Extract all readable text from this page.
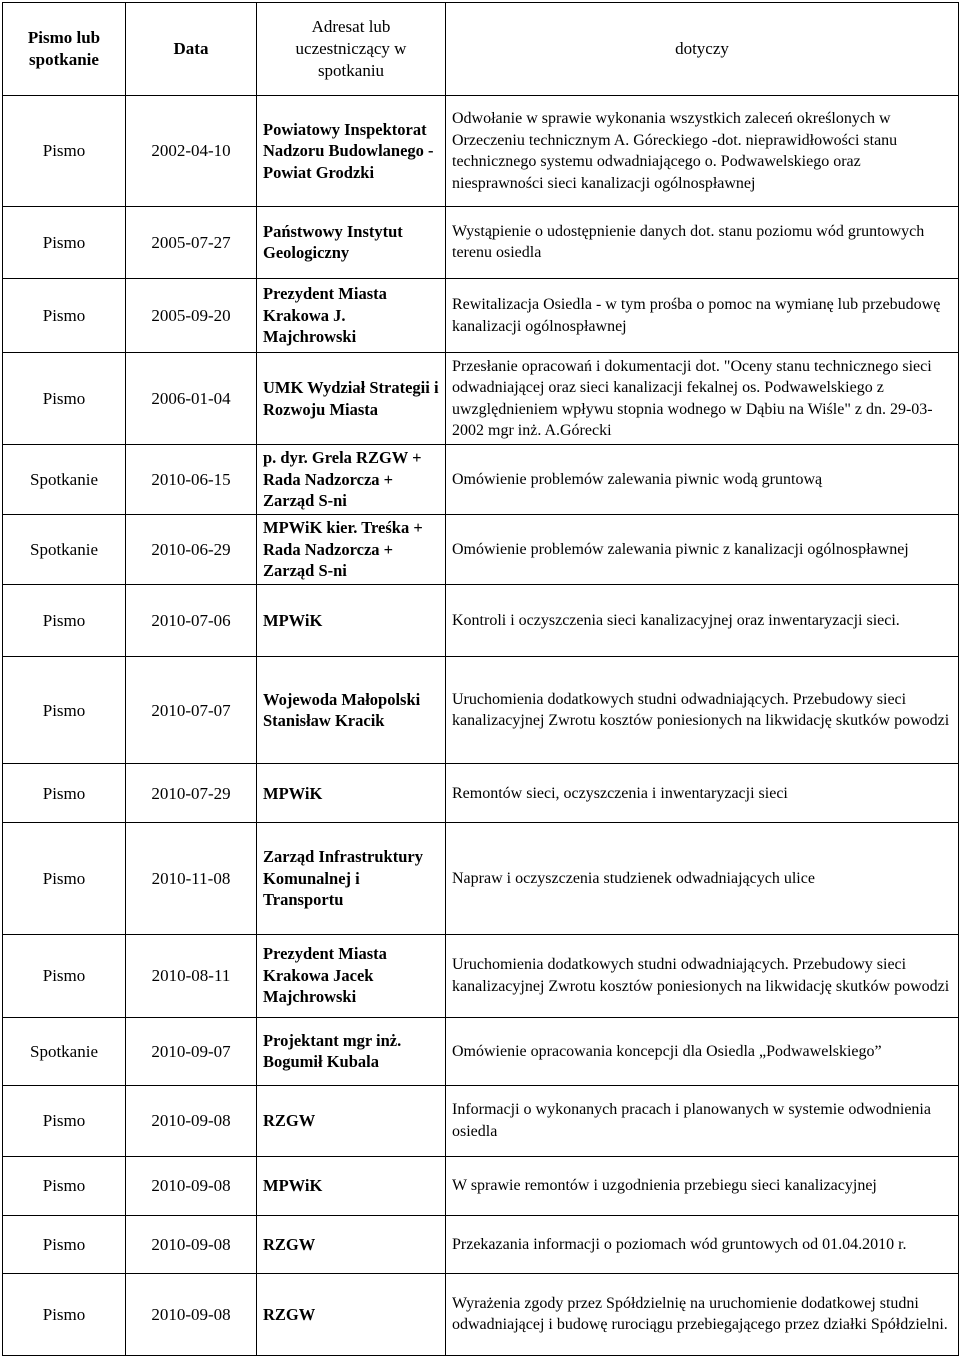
Pismo lub spotkanie	Data	Adresat lub uczestniczący w spotkaniu	dotyczy
Pismo	2002-04-10	Powiatowy Inspektorat Nadzoru Budowlanego - Powiat Grodzki	Odwołanie w sprawie wykonania wszystkich zaleceń określonych w Orzeczeniu technicznym A. Góreckiego -dot. nieprawidłowości stanu technicznego systemu odwadniającego o. Podwawelskiego oraz niesprawności sieci kanalizacji ogólnospławnej
Pismo	2005-07-27	Państwowy Instytut Geologiczny	Wystąpienie o udostępnienie danych dot. stanu poziomu wód gruntowych terenu osiedla
Pismo	2005-09-20	Prezydent Miasta Krakowa J. Majchrowski	Rewitalizacja Osiedla - w tym prośba o pomoc na wymianę lub przebudowę kanalizacji ogólnospławnej
Pismo	2006-01-04	UMK Wydział Strategii i Rozwoju Miasta	Przesłanie opracowań i dokumentacji dot. "Oceny stanu technicznego sieci odwadniającej oraz sieci kanalizacji fekalnej os. Podwawelskiego z uwzględnieniem wpływu stopnia wodnego w Dąbiu na Wiśle" z dn. 29-03-2002 mgr inż. A.Górecki
Spotkanie	2010-06-15	p. dyr. Grela RZGW + Rada Nadzorcza + Zarząd S-ni	Omówienie problemów zalewania piwnic wodą gruntową
Spotkanie	2010-06-29	MPWiK kier. Treśka + Rada Nadzorcza + Zarząd S-ni	Omówienie problemów zalewania piwnic z kanalizacji ogólnospławnej
Pismo	2010-07-06	MPWiK	Kontroli i oczyszczenia sieci kanalizacyjnej oraz inwentaryzacji sieci.
Pismo	2010-07-07	Wojewoda Małopolski Stanisław Kracik	Uruchomienia dodatkowych studni odwadniających. Przebudowy sieci kanalizacyjnej Zwrotu kosztów poniesionych na likwidację skutków powodzi
Pismo	2010-07-29	MPWiK	Remontów sieci, oczyszczenia i inwentaryzacji sieci
Pismo	2010-11-08	Zarząd Infrastruktury Komunalnej i Transportu	Napraw i oczyszczenia studzienek odwadniających ulice
Pismo	2010-08-11	Prezydent Miasta Krakowa Jacek Majchrowski	Uruchomienia dodatkowych studni odwadniających. Przebudowy sieci kanalizacyjnej Zwrotu kosztów poniesionych na likwidację skutków powodzi
Spotkanie	2010-09-07	Projektant mgr inż. Bogumił Kubala	Omówienie opracowania koncepcji dla Osiedla „Podwawelskiego”
Pismo	2010-09-08	RZGW	Informacji o wykonanych pracach i planowanych w systemie odwodnienia osiedla
Pismo	2010-09-08	MPWiK	W sprawie remontów i uzgodnienia przebiegu sieci kanalizacyjnej
Pismo	2010-09-08	RZGW	Przekazania informacji o poziomach wód gruntowych od 01.04.2010 r.
Pismo	2010-09-08	RZGW	Wyrażenia zgody przez Spółdzielnię na uruchomienie dodatkowej studni odwadniającej i budowę rurociągu przebiegającego przez działki Spółdzielni.
